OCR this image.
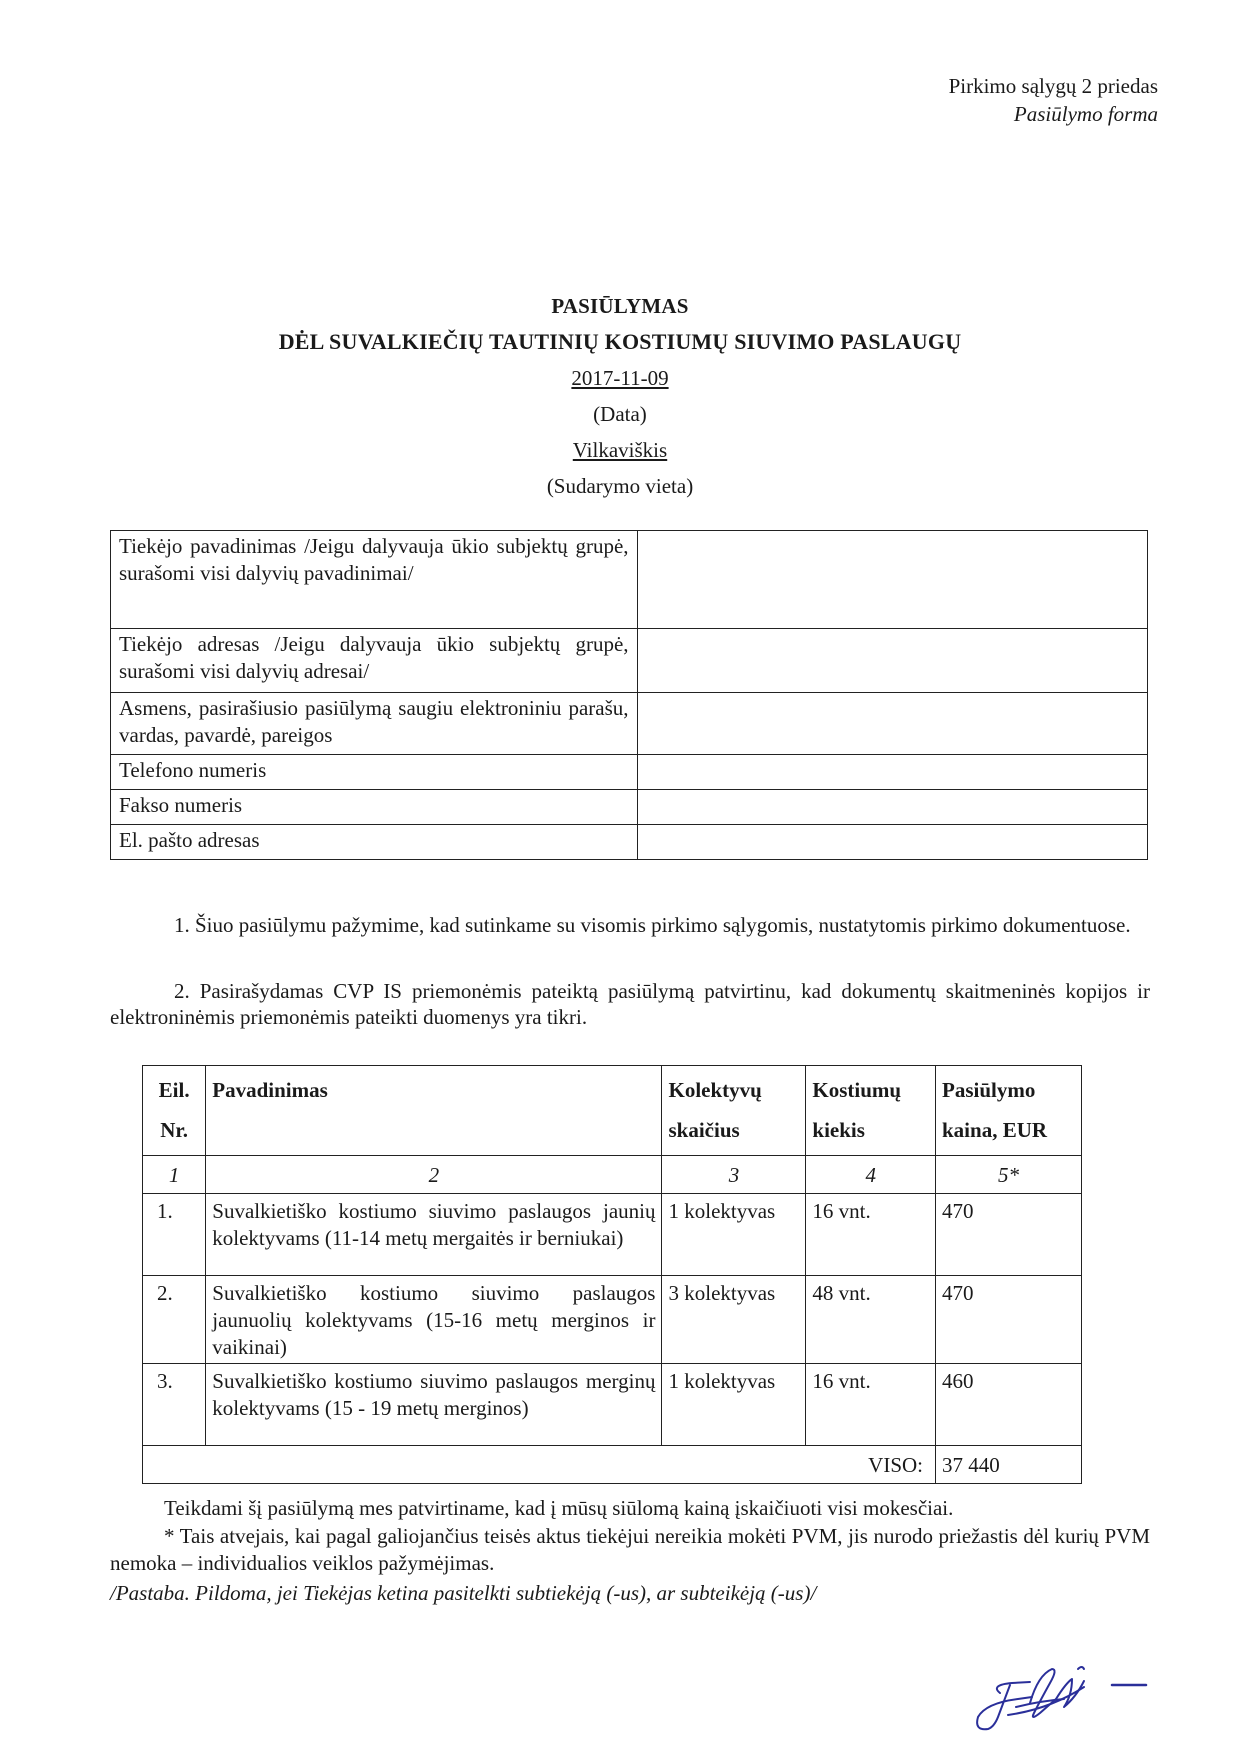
Pirkimo sąlygų 2 priedas
Pasiūlymo forma
PASIŪLYMAS
DĖL SUVALKIEČIŲ TAUTINIŲ KOSTIUMŲ SIUVIMO PASLAUGŲ
2017-11-09
(Data)
Vilkaviškis
(Sudarymo vieta)
Tiekėjo pavadinimas /Jeigu dalyvauja ūkio subjektų grupė, surašomi visi dalyvių pavadinimai/	
Tiekėjo adresas /Jeigu dalyvauja ūkio subjektų grupė, surašomi visi dalyvių adresai/	
Asmens, pasirašiusio pasiūlymą saugiu elektroniniu parašu, vardas, pavardė, pareigos	
Telefono numeris	
Fakso numeris	
El. pašto adresas	

1. Šiuo pasiūlymu pažymime, kad sutinkame su visomis pirkimo sąlygomis, nustatytomis pirkimo dokumentuose.

2. Pasirašydamas CVP IS priemonėmis pateiktą pasiūlymą patvirtinu, kad dokumentų skaitmeninės kopijos ir elektroninėmis priemonėmis pateikti duomenys yra tikri.

Eil. Nr.	Pavadinimas	Kolektyvų skaičius	Kostiumų kiekis	Pasiūlymo kaina, EUR
1	2	3	4	5*
1.	Suvalkietiško kostiumo siuvimo paslaugos jaunių kolektyvams (11-14 metų mergaitės ir berniukai)	1 kolektyvas	16 vnt.	470
2.	Suvalkietiško kostiumo siuvimo paslaugos jaunuolių kolektyvams (15-16 metų merginos ir vaikinai)	3 kolektyvas	48 vnt.	470
3.	Suvalkietiško kostiumo siuvimo paslaugos merginų kolektyvams (15 - 19 metų merginos)	1 kolektyvas	16 vnt.	460
VISO:				37 440

Teikdami šį pasiūlymą mes patvirtiname, kad į mūsų siūlomą kainą įskaičiuoti visi mokesčiai.

* Tais atvejais, kai pagal galiojančius teisės aktus tiekėjui nereikia mokėti PVM, jis nurodo priežastis dėl kurių PVM nemoka – individualios veiklos pažymėjimas.

/Pastaba. Pildoma, jei Tiekėjas ketina pasitelkti subtiekėją (-us), ar subteikėją (-us)/
